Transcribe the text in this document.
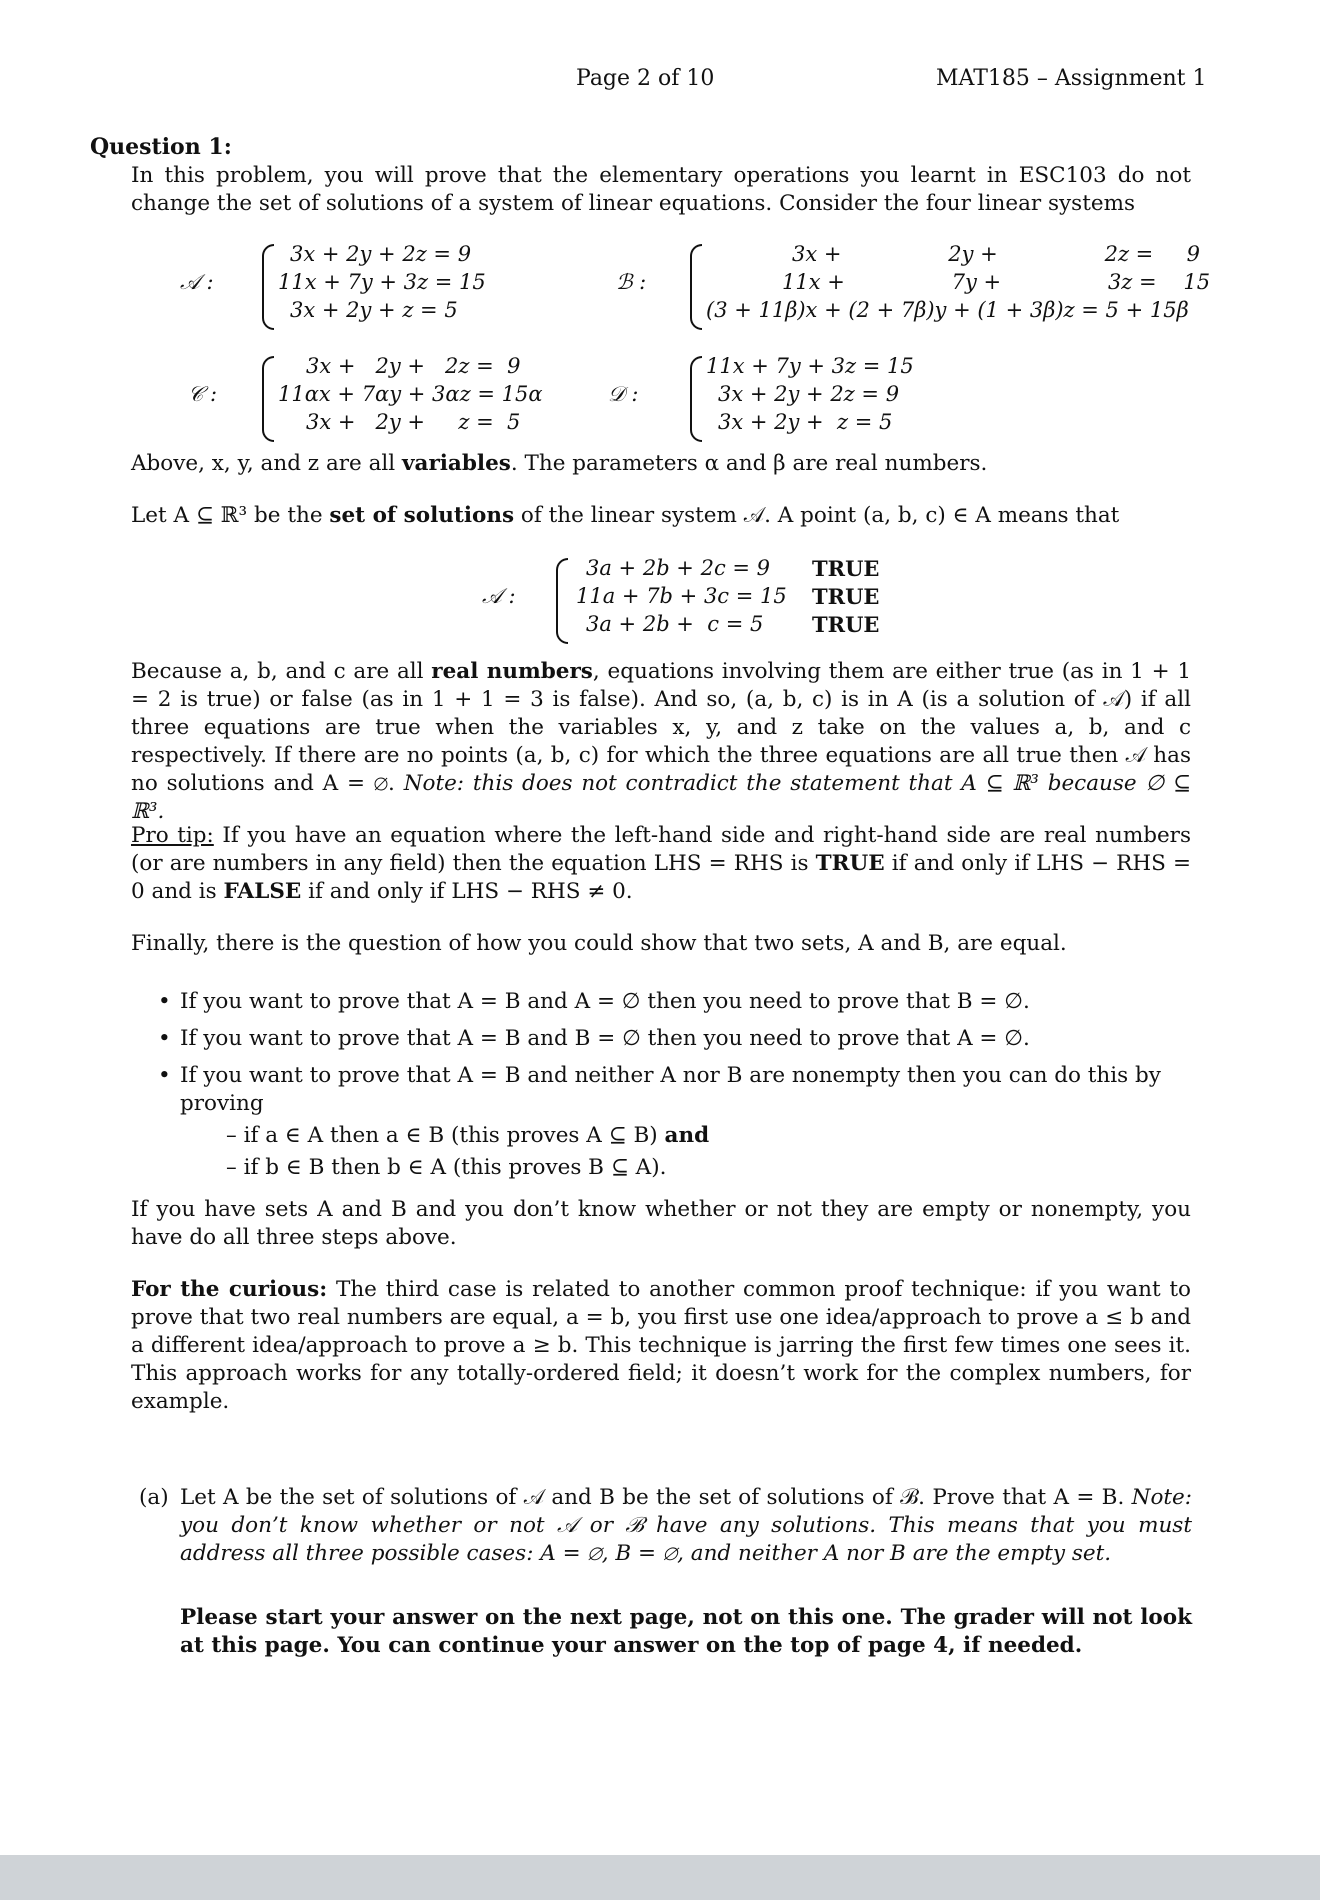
Page 2 of 10	MAT185 – Assignment 1
Question 1:
In this problem, you will prove that the elementary operations you learnt in ESC103 do not change the set of solutions of a system of linear equations. Consider the four linear systems
𝒜 :
3x + 2y + 2z = 9
11x + 7y + 3z = 15
3x + 2y + z = 5
ℬ :
3x +                2y +                2z =     9
11x +                7y +                3z =    15
(3 + 11β)x + (2 + 7β)y + (1 + 3β)z = 5 + 15β
𝒞 :
3x +   2y +   2z =  9
11αx + 7αy + 3αz = 15α
3x +   2y +     z =  5
𝒟 :
11x + 7y + 3z = 15
3x + 2y + 2z = 9
3x + 2y +  z = 5
Above, x, y, and z are all variables. The parameters α and β are real numbers.
Let A ⊆ ℝ³ be the set of solutions of the linear system 𝒜. A point (a, b, c) ∈ A means that
𝒜 :
3a + 2b + 2c = 9
11a + 7b + 3c = 15
3a + 2b +  c = 5
TRUE
TRUE
TRUE
Because a, b, and c are all real numbers, equations involving them are either true (as in 1 + 1 = 2 is true) or false (as in 1 + 1 = 3 is false). And so, (a, b, c) is in A (is a solution of 𝒜) if all three equations are true when the variables x, y, and z take on the values a, b, and c respectively. If there are no points (a, b, c) for which the three equations are all true then 𝒜 has no solutions and A = ∅. Note: this does not contradict the statement that A ⊆ ℝ³ because ∅ ⊆ ℝ³.
Pro tip: If you have an equation where the left-hand side and right-hand side are real numbers (or are numbers in any field) then the equation LHS = RHS is TRUE if and only if LHS − RHS = 0 and is FALSE if and only if LHS − RHS ≠ 0.
Finally, there is the question of how you could show that two sets, A and B, are equal.
• If you want to prove that A = B and A = ∅ then you need to prove that B = ∅.
• If you want to prove that A = B and B = ∅ then you need to prove that A = ∅.
• If you want to prove that A = B and neither A nor B are nonempty then you can do this by proving
– if a ∈ A then a ∈ B (this proves A ⊆ B) and
– if b ∈ B then b ∈ A (this proves B ⊆ A).
If you have sets A and B and you don’t know whether or not they are empty or nonempty, you have do all three steps above.
For the curious: The third case is related to another common proof technique: if you want to prove that two real numbers are equal, a = b, you first use one idea/approach to prove a ≤ b and a different idea/approach to prove a ≥ b. This technique is jarring the first few times one sees it. This approach works for any totally-ordered field; it doesn’t work for the complex numbers, for example.
(a) Let A be the set of solutions of 𝒜 and B be the set of solutions of ℬ. Prove that A = B. Note: you don’t know whether or not 𝒜 or ℬ have any solutions. This means that you must address all three possible cases: A = ∅, B = ∅, and neither A nor B are the empty set.
Please start your answer on the next page, not on this one. The grader will not look at this page. You can continue your answer on the top of page 4, if needed.
